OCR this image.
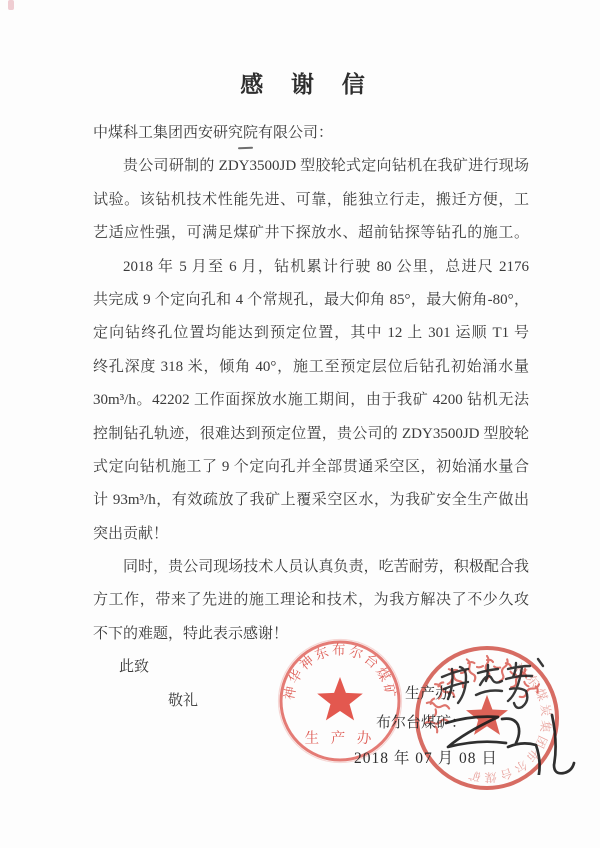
感 谢 信
中煤科工集团西安研究院有限公司：
贵公司研制的 ZDY3500JD 型胶轮式定向钻机在我矿进行现场
试验。该钻机技术性能先进、可靠，能独立行走，搬迁方便，工
艺适应性强，可满足煤矿井下探放水、超前钻探等钻孔的施工。
2018 年 5 月至 6 月，钻机累计行驶 80 公里，总进尺 2176
共完成 9 个定向孔和 4 个常规孔，最大仰角 85°，最大俯角-80°，
定向钻终孔位置均能达到预定位置，其中 12 上 301 运顺 T1 号
终孔深度 318 米，倾角 40°，施工至预定层位后钻孔初始涌水量
30m³/h。42202 工作面探放水施工期间，由于我矿 4200 钻机无法
控制钻孔轨迹，很难达到预定位置，贵公司的 ZDY3500JD 型胶轮
式定向钻机施工了 9 个定向孔并全部贯通采空区，初始涌水量合
计 93m³/h，有效疏放了我矿上覆采空区水，为我矿安全生产做出
突出贡献！
同时，贵公司现场技术人员认真负责，吃苦耐劳，积极配合我
方工作，带来了先进的施工理论和技术，为我方解决了不少久攻
不下的难题，特此表示感谢！
此致
敬礼	神华神东布尔台煤矿
生 产 办
神东煤炭集团布尔台煤矿
生产办：
布尔台煤矿：
2018 年 07 月 08 日
